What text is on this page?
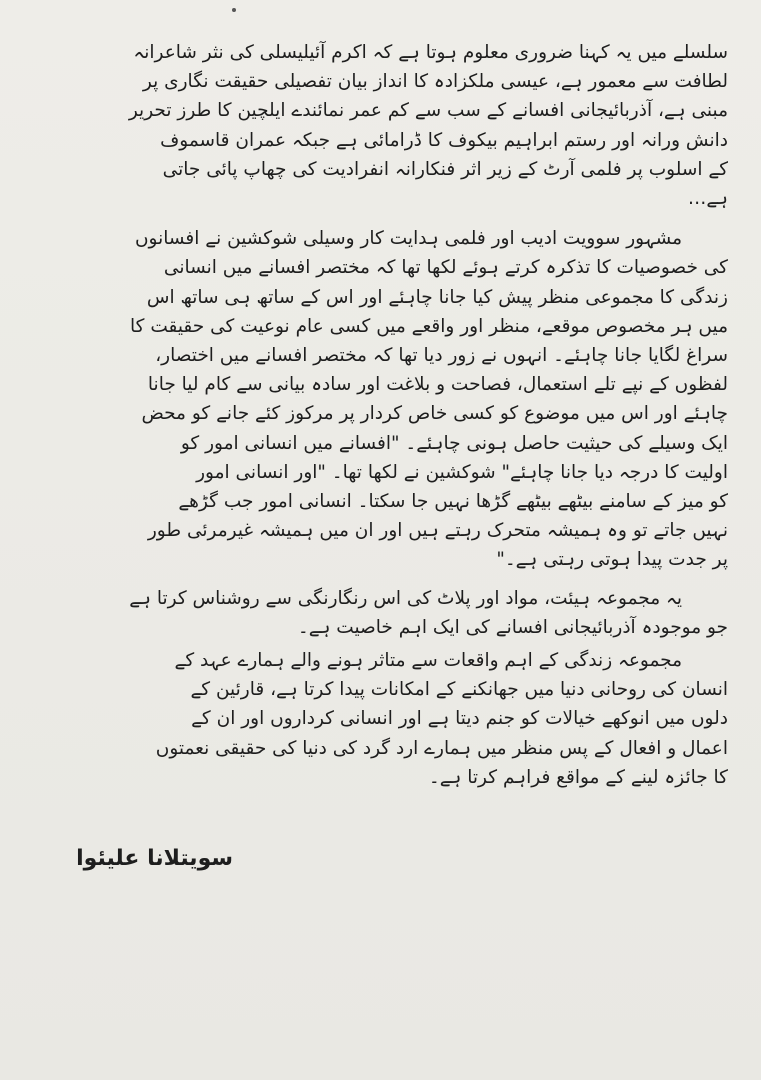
سلسلے میں یہ کہنا ضروری معلوم ہوتا ہے کہ اکرم آئیلیسلی کی نثر شاعرانہ
لطافت سے معمور ہے، عیسی ملکزادہ کا انداز بیان تفصیلی حقیقت نگاری پر
مبنی ہے، آذربائیجانی افسانے کے سب سے کم عمر نمائندے ایلچین کا طرز تحریر
دانش ورانہ اور رستم ابراہیم بیکوف کا ڈرامائی ہے جبکہ عمران قاسموف
کے اسلوب پر فلمی آرٹ کے زیر اثر فنکارانہ انفرادیت کی چھاپ پائی جاتی
ہے…
مشہور سوویت ادیب اور فلمی ہدایت کار وسیلی شوکشین نے افسانوں
کی خصوصیات کا تذکرہ کرتے ہوئے لکھا تھا کہ مختصر افسانے میں انسانی
زندگی کا مجموعی منظر پیش کیا جانا چاہئے اور اس کے ساتھ ہی ساتھ اس
میں ہر مخصوص موقعے، منظر اور واقعے میں کسی عام نوعیت کی حقیقت کا
سراغ لگایا جانا چاہئے۔ انہوں نے زور دیا تھا کہ مختصر افسانے میں اختصار،
لفظوں کے نپے تلے استعمال، فصاحت و بلاغت اور سادہ بیانی سے کام لیا جانا
چاہئے اور اس میں موضوع کو کسی خاص کردار پر مرکوز کئے جانے کو محض
ایک وسیلے کی حیثیت حاصل ہونی چاہئے۔ "افسانے میں انسانی امور کو
اولیت کا درجہ دیا جانا چاہئے" شوکشین نے لکھا تھا۔ "اور انسانی امور
کو میز کے سامنے بیٹھے بیٹھے گڑھا نہیں جا سکتا۔ انسانی امور جب گڑھے
نہیں جاتے تو وہ ہمیشہ متحرک رہتے ہیں اور ان میں ہمیشہ غیرمرئی طور
پر جدت پیدا ہوتی رہتی ہے۔"
یہ مجموعہ ہیئت، مواد اور پلاٹ کی اس رنگارنگی سے روشناس کرتا ہے
جو موجودہ آذربائیجانی افسانے کی ایک اہم خاصیت ہے۔
مجموعہ زندگی کے اہم واقعات سے متاثر ہونے والے ہمارے عہد کے
انسان کی روحانی دنیا میں جھانکنے کے امکانات پیدا کرتا ہے، قارئین کے
دلوں میں انوکھے خیالات کو جنم دیتا ہے اور انسانی کرداروں اور ان کے
اعمال و افعال کے پس منظر میں ہمارے ارد گرد کی دنیا کی حقیقی نعمتوں
کا جائزہ لینے کے مواقع فراہم کرتا ہے۔
سویتلانا علیئوا
